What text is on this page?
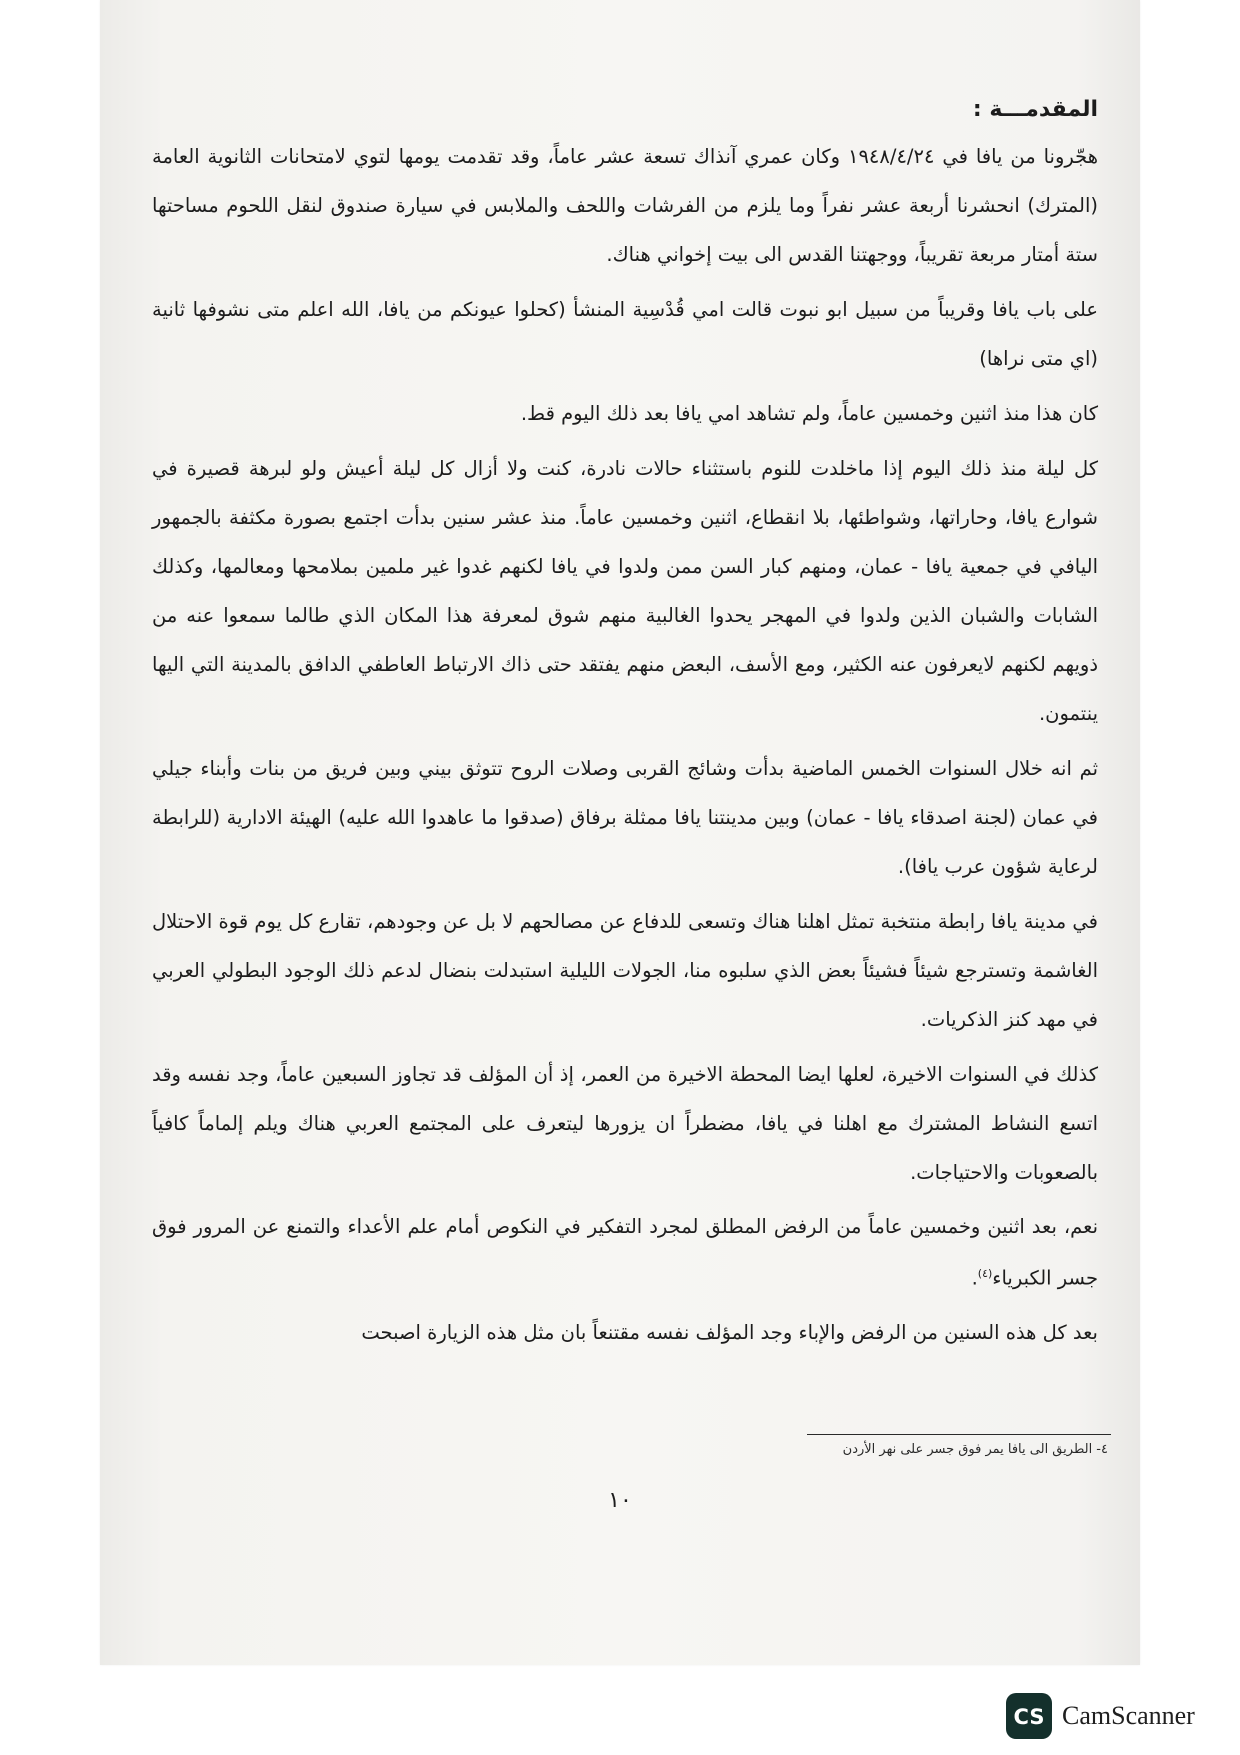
المقدمـــة :

هجّرونا من يافا في ١٩٤٨/٤/٢٤ وكان عمري آنذاك تسعة عشر عاماً، وقد تقدمت يومها لتوي لامتحانات الثانوية العامة (المترك) انحشرنا أربعة عشر نفراً وما يلزم من الفرشات واللحف والملابس في سيارة صندوق لنقل اللحوم مساحتها ستة أمتار مربعة تقريباً، ووجهتنا القدس الى بيت إخواني هناك.

على باب يافا وقريباً من سبيل ابو نبوت قالت امي قُدْسِية المنشأ (كحلوا عيونكم من يافا، الله اعلم متى نشوفها ثانية (اي متى نراها)

كان هذا منذ اثنين وخمسين عاماً، ولم تشاهد امي يافا بعد ذلك اليوم قط.

كل ليلة منذ ذلك اليوم إذا ماخلدت للنوم باستثناء حالات نادرة، كنت ولا أزال كل ليلة أعيش ولو لبرهة قصيرة في شوارع يافا، وحاراتها، وشواطئها، بلا انقطاع، اثنين وخمسين عاماً. منذ عشر سنين بدأت اجتمع بصورة مكثفة بالجمهور اليافي في جمعية يافا - عمان، ومنهم كبار السن ممن ولدوا في يافا لكنهم غدوا غير ملمين بملامحها ومعالمها، وكذلك الشابات والشبان الذين ولدوا في المهجر يحدوا الغالبية منهم شوق لمعرفة هذا المكان الذي طالما سمعوا عنه من ذويهم لكنهم لايعرفون عنه الكثير، ومع الأسف، البعض منهم يفتقد حتى ذاك الارتباط العاطفي الدافق بالمدينة التي اليها ينتمون.

ثم انه خلال السنوات الخمس الماضية بدأت وشائج القربى وصلات الروح تتوثق بيني وبين فريق من بنات وأبناء جيلي في عمان (لجنة اصدقاء يافا - عمان) وبين مدينتنا يافا ممثلة برفاق (صدقوا ما عاهدوا الله عليه) الهيئة الادارية (للرابطة لرعاية شؤون عرب يافا).

في مدينة يافا رابطة منتخبة تمثل اهلنا هناك وتسعى للدفاع عن مصالحهم لا بل عن وجودهم، تقارع كل يوم قوة الاحتلال الغاشمة وتسترجع شيئاً فشيئاً بعض الذي سلبوه منا، الجولات الليلية استبدلت بنضال لدعم ذلك الوجود البطولي العربي في مهد كنز الذكريات.

كذلك في السنوات الاخيرة، لعلها ايضا المحطة الاخيرة من العمر، إذ أن المؤلف قد تجاوز السبعين عاماً، وجد نفسه وقد اتسع النشاط المشترك مع اهلنا في يافا، مضطراً ان يزورها ليتعرف على المجتمع العربي هناك ويلم إلماماً كافياً بالصعوبات والاحتياجات.

نعم، بعد اثنين وخمسين عاماً من الرفض المطلق لمجرد التفكير في النكوص أمام علم الأعداء والتمنع عن المرور فوق جسر الكبرياء$^{(٤)}$.

بعد كل هذه السنين من الرفض والإباء وجد المؤلف نفسه مقتنعاً بان مثل هذه الزيارة اصبحت

٤- الطريق الى يافا يمر فوق جسر على نهر الأردن
١٠
CS CamScanner
